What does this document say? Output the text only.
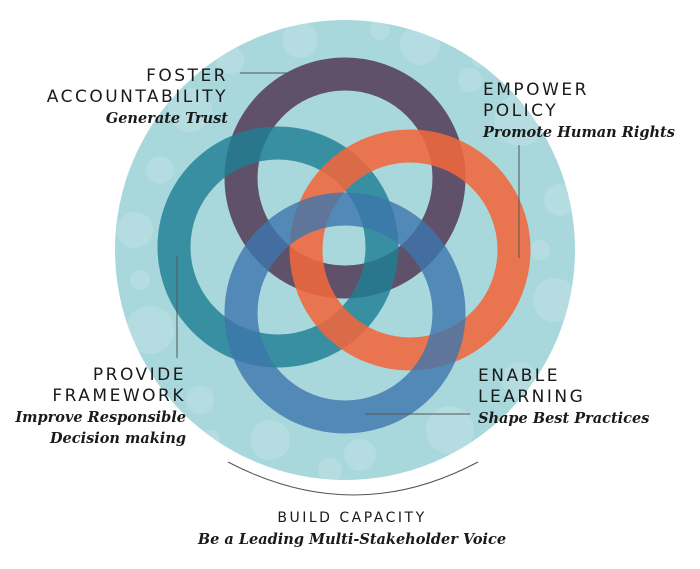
FOSTER
ACCOUNTABILITY
Generate Trust
EMPOWER
POLICY
Promote Human Rights
PROVIDE
FRAMEWORK
Improve Responsible
Decision making
ENABLE
LEARNING
Shape Best Practices
BUILD CAPACITY
Be a Leading Multi-Stakeholder Voice
